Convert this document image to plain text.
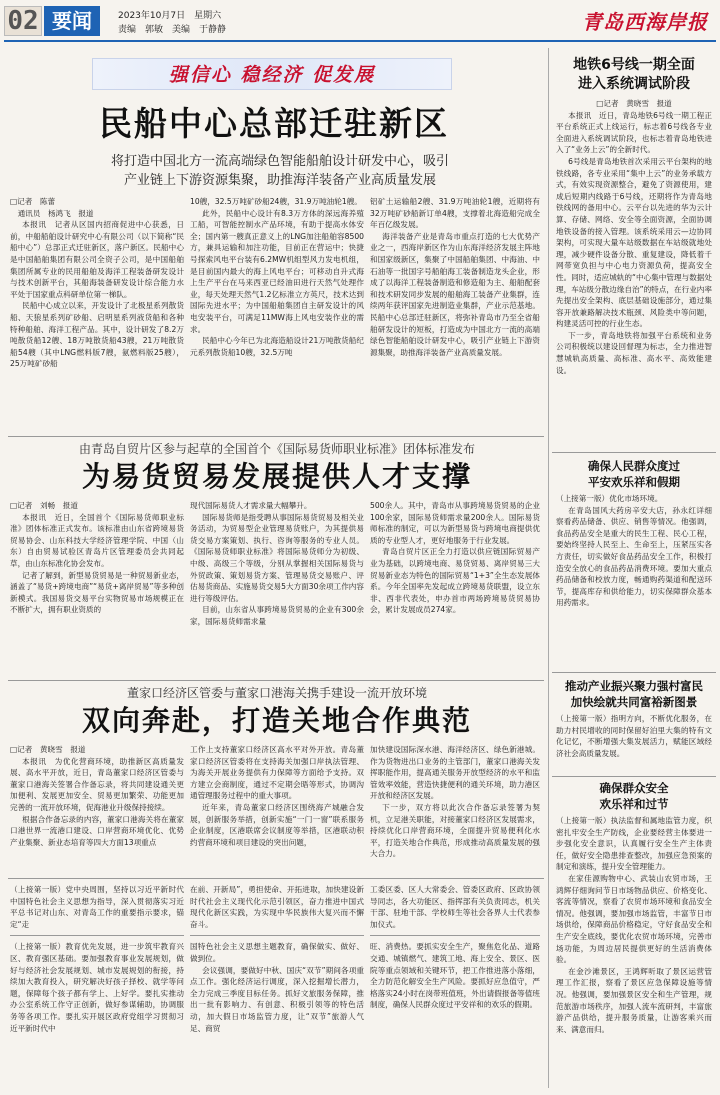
02 要闻	2023年10月7日　 星期六
责编　郭敏　美编　于静静	青岛西海岸报
强信心 稳经济 促发展
民船中心总部迁驻新区
将打造中国北方一流高端绿色智能船舶设计研发中心，吸引
产业链上下游资源集聚，助推海洋装备产业高质量发展
□记者　陈蕾
通讯员　杨鸿飞　报道

本报讯　记者从区国内招商促进中心获悉，日前，中船船舶设计研究中心有限公司（以下简称“民船中心”）总部正式迁驻新区，落户新区。民船中心是中国船舶集团有限公司全资子公司，是中国船舶集团所属专业的民用船舶及海洋工程装备研发设计与技术创新平台，其船海装备研发设计综合能力水平处于国家重点科研单位第一梯队。

民船中心成立以来，开发设计了北极星系列散货船、天狼星系列矿砂船、启明星系列液货船和各种特种船舶、海洋工程产品。其中，设计研发了8.2万吨散货船12艘、18万吨散货船43艘，21万吨散货船54艘（其中LNG燃料版7艘，氨燃料版25艘），25万吨矿砂船

10艘，32.5万吨矿砂船24艘，31.9万吨油轮1艘。

此外，民船中心设计有8.3万方体的深远海养殖工船，可智能控制水产品环境，有助于提高水体安全；国内第一艘真正意义上的LNG加注船舶容8500方，兼具运输和加注功能，目前正在营运中；快捷号探索风电平台装有6.2MW机组型风力发电机组，是目前国内最大的海上风电平台；可移动自升式海上生产平台在马来西亚已经油田进行天然气处理作业，每天处理天然气1.2亿标准立方英尺，技术达到国际先进水平；为中国船舶集团自主研发设计的风电安装平台，可满足11MW海上风电安装作业的需求。

民船中心今年已为北海造船设计21万吨散货船纪元系列散货船10艘，32.5万吨

铝矿土运输船2艘、31.9万吨油轮1艘，近期将有32万吨矿砂船新订单4艘，支撑着北海造船完成全年百亿级发展。

海洋装备产业是青岛市重点打造的七大优势产业之一，西海岸新区作为山东海洋经济发展主阵地和国家级新区，集聚了中国船舶集团、中海油、中石油等一批国字号船舶海工装备制造龙头企业，形成了以海洋工程装备制造和修造船为主、船舶配套和技术研发同步发展的船舶海工装备产业集群，连续两年获评国家先进制造业集群，产业示范基地。民船中心总部迁驻新区，将弥补青岛市乃至全省船舶研发设计的短板，打造成为中国北方一流的高端绿色智能船舶设计研发中心，吸引产业链上下游资源集聚，助推海洋装备产业高质量发展。

由青岛自贸片区参与起草的全国首个《国际易货师职业标准》团体标准发布
为易货贸易发展提供人才支撑
□记者　刘畅　报道

本报讯　近日，全国首个《国际易货师职业标准》团体标准正式发布。该标准由山东省跨境易货贸易协会、山东科技大学经济管理学院、中国（山东）自由贸易试验区青岛片区管理委员会共同起草，由山东标准化协会发布。

记者了解到，新型易货贸易是一种贸易新业态，涵盖了“易货+跨境电商”“易货+离岸贸易”等多种创新模式。我国易货交易平台实物贸易市场规模正在不断扩大，拥有职业资质的

现代国际易货人才需求量大幅攀升。

国际易货师是指受聘从事国际易货贸易及相关业务活动，为贸易型企业管理易货账户，为其提供易货交易方案策划、执行、咨询等服务的专业人员。《国际易货师职业标准》将国际易货师分为初级、中级、高级三个等级，分别从掌握相关国际易货与外贸政策、策划易货方案、管理易货交易账户、评估易货商品、实施易货交易5大方面30余项工作内容进行等级评估。

目前，山东省从事跨境易货贸易的企业有300余家，国际易货师需求量

500余人。其中，青岛市从事跨境易货贸易的企业100余家，国际易货师需求量200余人。国际易货师标准的制定，可以为新型易货与跨境电商提供优质的专业型人才，更好地服务于行业发展。

青岛自贸片区正全力打造以供应链国际贸易产业为基础，以跨境电商、易货贸易、离岸贸易三大贸易新业态为特色的国际贸易“1+3”全生态发展体系。今年全国率先发起成立跨境易货联盟，设立东非、西非代表处，申办首市两场跨境易货贸易协会，累计发展成员274家。

董家口经济区管委与董家口港海关携手建设一流开放环境
双向奔赴，打造关地合作典范
□记者　黄晓雪　报道

本报讯　为优化营商环境，助推新区高质量发展、高水平开放，近日，青岛董家口经济区管委与董家口港海关签署合作备忘录，将共同建设通关更加便利、发展更加安全、贸易更加繁荣、功能更加完善的一流开放环境，促海港业升级保持接续。

根据合作备忘录的内容，董家口港海关将在董家口港世界一流港口建设、口岸营商环境优化、优势产业集聚、新业态培育等四大方面13项重点

工作上支持董家口经济区高水平对外开放。青岛董家口经济区管委将在支持海关加强口岸执法管理、为海关开展业务提供有力保障等方面给予支持。双方建立会商制度，通过不定期会晤等形式，协调沟通管理服务过程中的重大事项。

近年来，青岛董家口经济区围绕海产城融合发展，创新服务举措，创新实施“一门一窗”联系服务企业制度，区港联席会议制度等举措，区港联动积约营商环境和项目建设的突出问题，

加快建设国际深水港、海洋经济区、绿色新港城。作为货物进出口业务的主管部门，董家口港海关发挥职能作用，提高通关服务开放型经济的水平和监管效率效能，营造快捷便利的通关环境，助力港区开放和经济区发展。

下一步，双方将以此次合作备忘录签署为契机，立足港关职能，对接董家口经济区发展需求，持续优化口岸营商环境，全面提升贸易便利化水平，打造关地合作典范，形成推动高质量发展的强大合力。

（上接第一版）党中央周围，坚持以习近平新时代中国特色社会主义思想为指导，深入贯彻落实习近平总书记对山东、对青岛工作的重要指示要求，锚定“走

（上接第一版）教育优先发展，进一步筑牢教育兴区、教育强区基础。要加强教育事业发展规划，做好与经济社会发展规划、城市发展规划的衔接，持续加大教育投入，研究解决好孩子择校、就学等问题，保障每个孩子都有学上、上好学。要扎实推动办公室系统工作守正创新，做好参谋辅助，协调服务等各项工作。要扎实开展区政府党组学习贯彻习近平新时代中

在前、开新局”，勇担使命、开拓进取，加快建设新时代社会主义现代化示范引领区，奋力推进中国式现代化新区实践，为实现中华民族伟大复兴而不懈奋斗。

国特色社会主义思想主题教育，确保做实、做好、做到位。

会议强调，要做好中秋、国庆“双节”期间各项重点工作。强化经济运行调度，深入挖掘增长潜力，全力完成三季度目标任务。抓好文旅服务保障，推出一批有影响力、有创意、积极引领等的特色活动，加大假日市场监管力度，让“双节”旅游人气足、商贸

工委区委、区人大常委会、管委区政府、区政协领导同志，各大功能区、指挥部有关负责同志，机关干部、驻地干部、学校师生等社会各界人士代表参加仪式。

旺、消费热。要抓实安全生产，聚焦危化品、道路交通、城镇燃气、建筑工地、海上安全、景区、医院等重点领域和关键环节，把工作推进落小落细，全力防范化解安全生产风险。要抓好应急值守，严格落实24小时在岗带班值班，外出请假报备等值班制度，确保人民群众度过平安祥和的欢乐的假期。

地铁6号线一期全面
进入系统调试阶段
□记者　黄晓雪　报道

本报讯　近日，青岛地铁6号线一期工程正平台系统正式上线运行，标志着6号线各专业全面进入系统调试阶段，也标志着青岛地铁进入了“业务上云”的全新时代。

6号线是青岛地铁首次采用云平台架构的地铁线路，各专业采用“集中上云”的业务承载方式，有效实现资源整合，避免了资源使用，建成后短期内线路于6号线，还期将作为青岛地铁线网的备用中心。云平台以先进的华为云计算、存储、网络、安全等全面资源，全面协调地铁设备的接入管理。该系统采用云—边协同架构，可实现大量车站级数据在车站级就地处理，减少硬件设备分散、重复建设，降低着千网带宽负担与中心电力资源负荷，提高安全性。同时，适应城轨的“中心集中管理与数据处理，车站级分散边缘自治”的特点，在行业内率先提出安全架构、底层基础设施部分，通过集容开放兼路解决技术瓶颈、风险类中等问题，构建灵活可控的行业生态。

下一步，青岛地铁将加强平台系统和业务公司积极统以建设回督理为标志，全力推进智慧城轨高质量、高标准、高水平、高效能建设。

确保人民群众度过
平安欢乐祥和假期

（上接第一版）优化市场环境。

在青岛国风大药房辛安大店，孙永红详细察看药品储备、供应、销售等情况。他强调，食品药品安全是重大的民生工程、民心工程，要始终坚持人民至上、生命至上，压紧压实各方责任，切实做好食品药品安全工作，积极打造安全放心的食品药品消费环境。要加大重点药品储备和校放力度，畅通购药渠道和配送环节，提高库存和供给能力，切实保障群众基本用药需求。

推动产业振兴聚力强村富民
加快绘就共同富裕新图景

（上接第一版）指明方向，不断优化服务，在助力村民增收的同时保留好泊里大集的特有文化记忆，不断增强大集发展活力，赋能区域经济社会高质量发展。

确保群众安全
欢乐祥和过节

（上接第一版）执法监督和属地监管力度，织密扎牢安全生产防线，企业要经营主体要进一步强化安全意识，认真履行安全生产主体责任，做好安全隐患排查整改，加强应急预案的制定和演练，提升安全管理能力。

在家佳源购物中心、武装山农贸市场，王鸿辉仔细询问节日市场物品供应、价格变化、客流等情况，察看了农贸市场环境和食品安全情况。他强调，要加强市场监管，丰富节日市场供给，保障商品价格稳定，守好食品安全和生产安全底线，要优化农贸市场环境，完善市场功能，为周边居民提供更好的生活消费体验。

在金沙滩景区，王鸿辉听取了景区运营管理工作汇报，察看了景区应急保障设施等情况。他强调，要加强景区安全和生产管理，规范旅游市场秩序，加强人流车流研判，丰富旅游产品供给，提升服务质量，让游客乘兴而来、满意而归。
